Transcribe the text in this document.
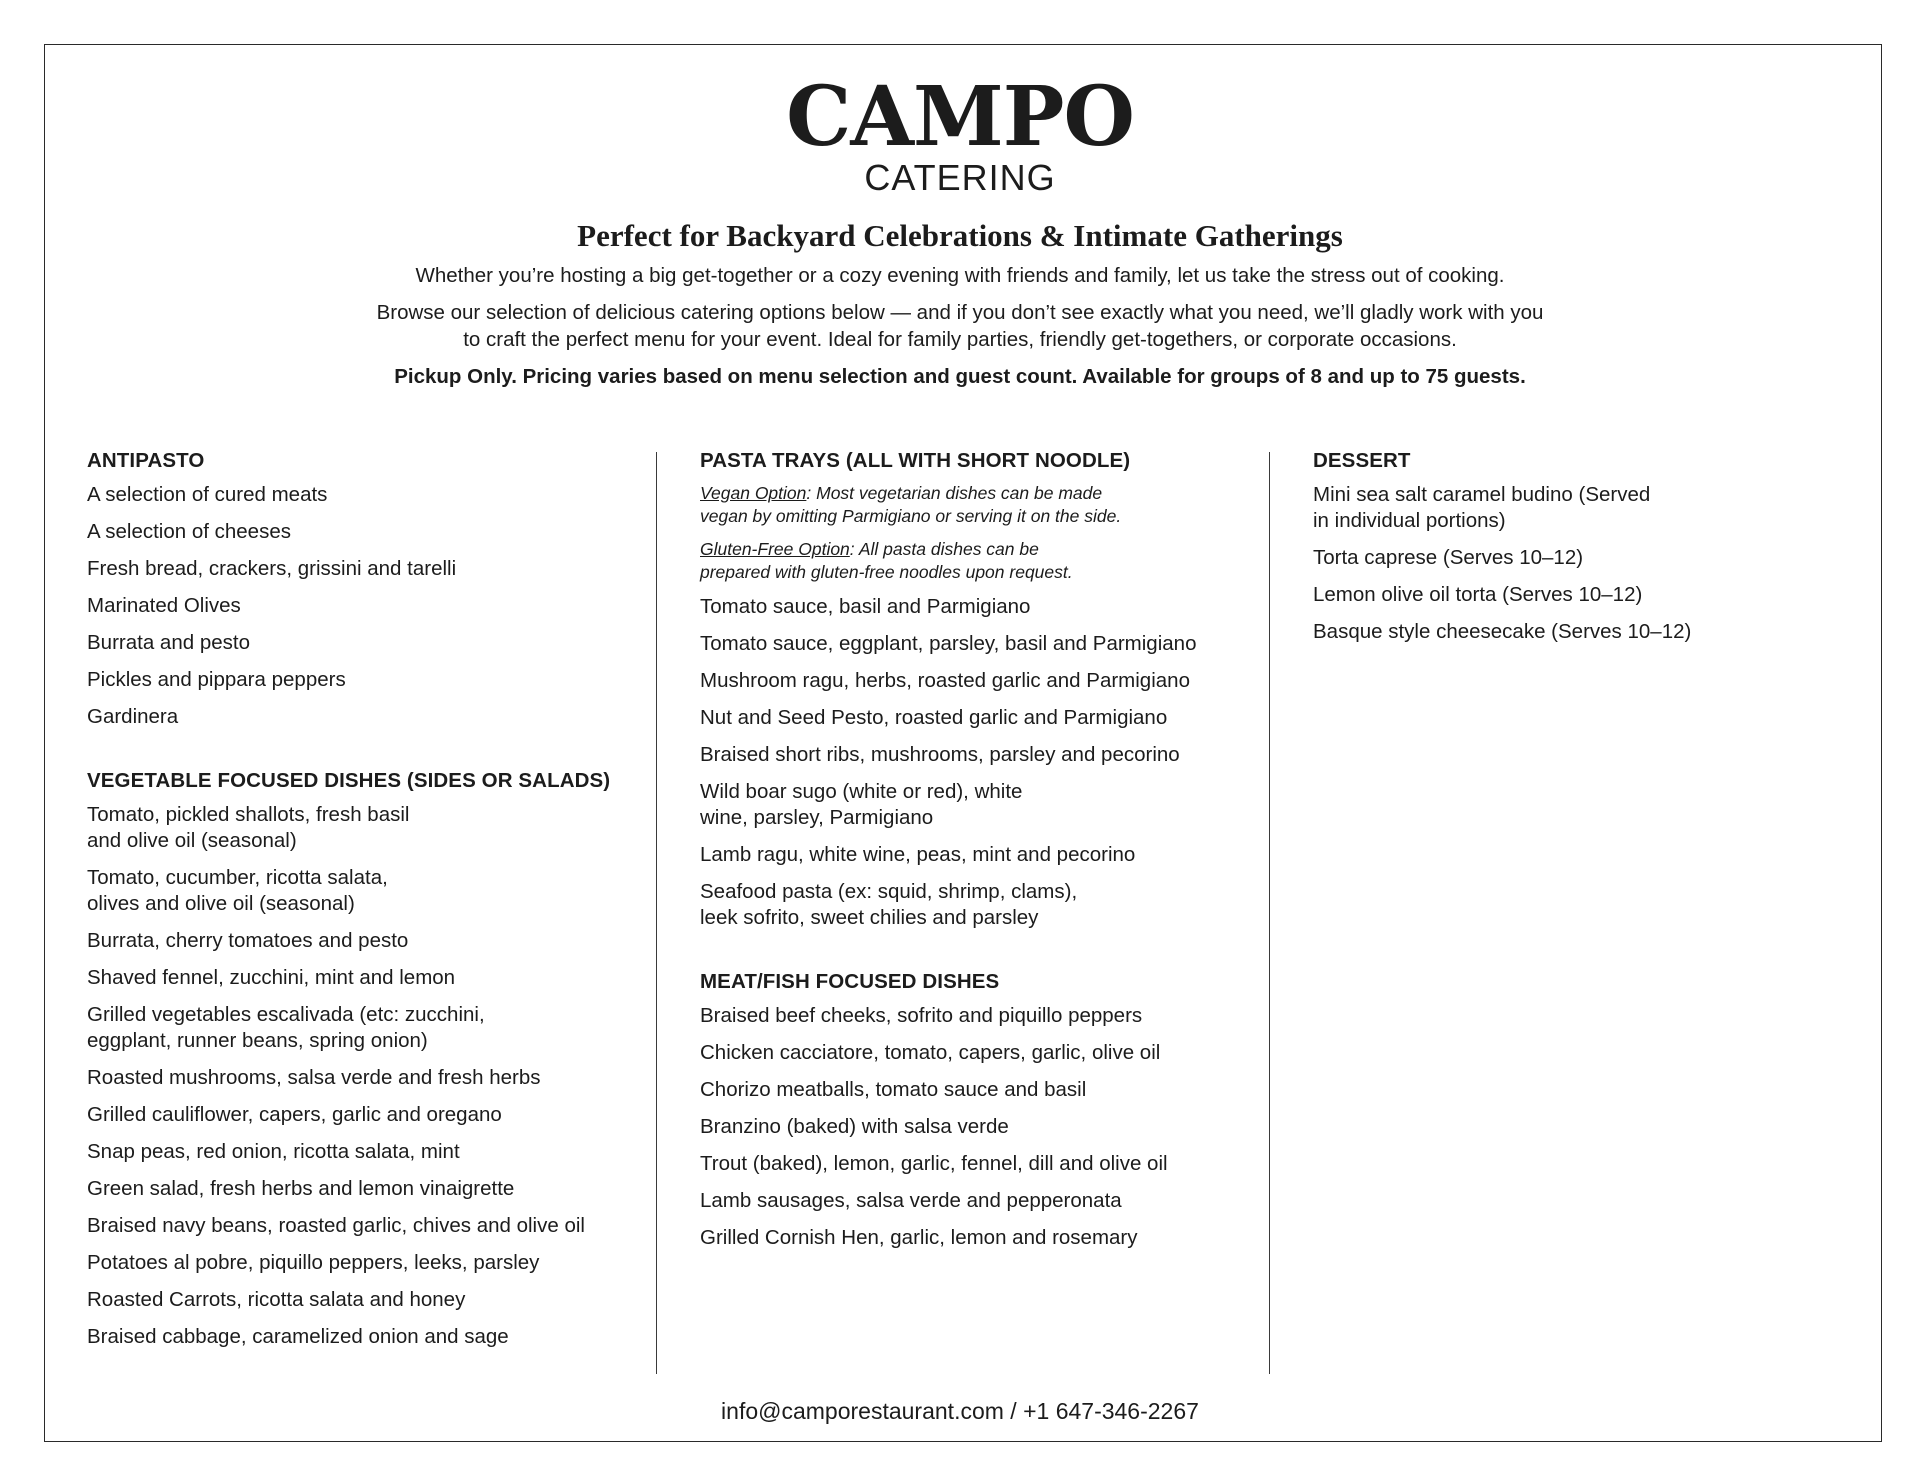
CAMPO
CATERING
Perfect for Backyard Celebrations & Intimate Gatherings

Whether you’re hosting a big get-together or a cozy evening with friends and family, let us take the stress out of cooking.

Browse our selection of delicious catering options below — and if you don’t see exactly what you need, we’ll gladly work with you
to craft the perfect menu for your event. Ideal for family parties, friendly get-togethers, or corporate occasions.

Pickup Only. Pricing varies based on menu selection and guest count. Available for groups of 8 and up to 75 guests.

ANTIPASTO
A selection of cured meats
A selection of cheeses
Fresh bread, crackers, grissini and tarelli
Marinated Olives
Burrata and pesto
Pickles and pippara peppers
Gardinera
VEGETABLE FOCUSED DISHES (SIDES OR SALADS)
Tomato, pickled shallots, fresh basil
and olive oil (seasonal)
Tomato, cucumber, ricotta salata,
olives and olive oil (seasonal)
Burrata, cherry tomatoes and pesto
Shaved fennel, zucchini, mint and lemon
Grilled vegetables escalivada (etc: zucchini,
eggplant, runner beans, spring onion)
Roasted mushrooms, salsa verde and fresh herbs
Grilled cauliflower, capers, garlic and oregano
Snap peas, red onion, ricotta salata, mint
Green salad, fresh herbs and lemon vinaigrette
Braised navy beans, roasted garlic, chives and olive oil
Potatoes al pobre, piquillo peppers, leeks, parsley
Roasted Carrots, ricotta salata and honey
Braised cabbage, caramelized onion and sage
PASTA TRAYS (ALL WITH SHORT NOODLE)
Vegan Option: Most vegetarian dishes can be made
vegan by omitting Parmigiano or serving it on the side.
Gluten-Free Option: All pasta dishes can be
prepared with gluten-free noodles upon request.
Tomato sauce, basil and Parmigiano
Tomato sauce, eggplant, parsley, basil and Parmigiano
Mushroom ragu, herbs, roasted garlic and Parmigiano
Nut and Seed Pesto, roasted garlic and Parmigiano
Braised short ribs, mushrooms, parsley and pecorino
Wild boar sugo (white or red), white
wine, parsley, Parmigiano
Lamb ragu, white wine, peas, mint and pecorino
Seafood pasta (ex: squid, shrimp, clams),
leek sofrito, sweet chilies and parsley
MEAT/FISH FOCUSED DISHES
Braised beef cheeks, sofrito and piquillo peppers
Chicken cacciatore, tomato, capers, garlic, olive oil
Chorizo meatballs, tomato sauce and basil
Branzino (baked) with salsa verde
Trout (baked), lemon, garlic, fennel, dill and olive oil
Lamb sausages, salsa verde and pepperonata
Grilled Cornish Hen, garlic, lemon and rosemary
DESSERT
Mini sea salt caramel budino (Served
in individual portions)
Torta caprese (Serves 10–12)
Lemon olive oil torta (Serves 10–12)
Basque style cheesecake (Serves 10–12)
info@camporestaurant.com / +1 647-346-2267
